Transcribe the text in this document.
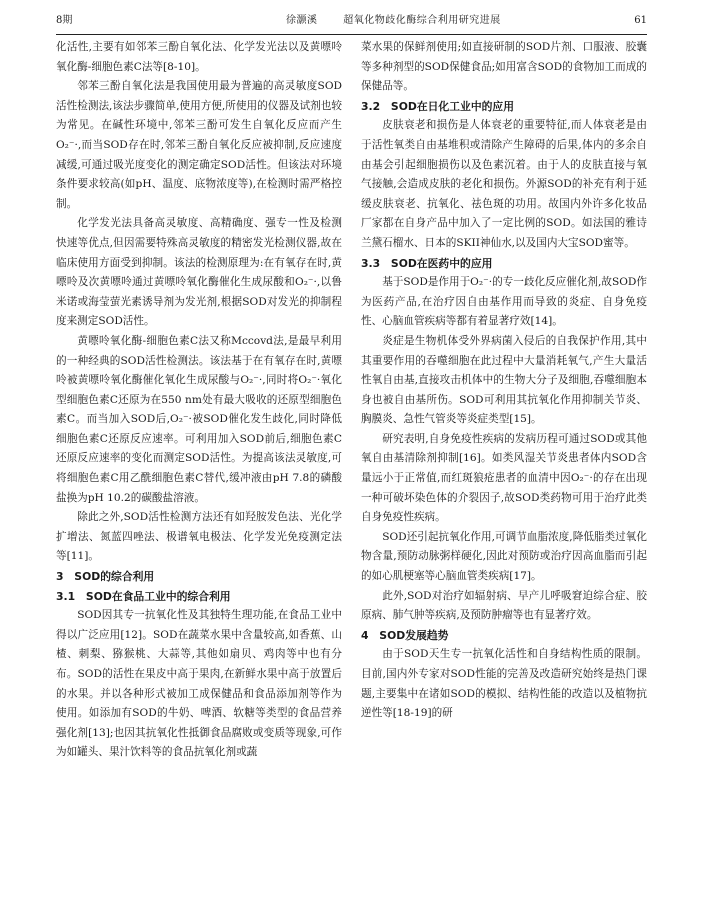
8期	徐灏溪	超氧化物歧化酶综合利用研究进展	61

化活性,主要有如邻苯三酚自氧化法、化学发光法以及黄嘌呤氧化酶-细胞色素C法等[8-10]。

邻苯三酚自氧化法是我国使用最为普遍的高灵敏度SOD活性检测法,该法步骤简单,使用方便,所使用的仪器及试剂也较为常见。在碱性环境中,邻苯三酚可发生自氧化反应而产生O₂⁻·,而当SOD存在时,邻苯三酚自氧化反应被抑制,反应速度减缓,可通过吸光度变化的测定确定SOD活性。但该法对环境条件要求较高(如pH、温度、底物浓度等),在检测时需严格控制。

化学发光法具备高灵敏度、高精确度、强专一性及检测快速等优点,但因需要特殊高灵敏度的精密发光检测仪器,故在临床使用方面受到抑制。该法的检测原理为:在有氧存在时,黄嘌呤及次黄嘌呤通过黄嘌呤氧化酶催化生成尿酸和O₂⁻·,以鲁米诺或海莹萤光素诱导剂为发光剂,根据SOD对发光的抑制程度来测定SOD活性。

黄嘌呤氧化酶-细胞色素C法又称Mccovd法,是最早利用的一种经典的SOD活性检测法。该法基于在有氧存在时,黄嘌呤被黄嘌呤氧化酶催化氧化生成尿酸与O₂⁻·,同时将O₂⁻·氧化型细胞色素C还原为在550 nm处有最大吸收的还原型细胞色素C。而当加入SOD后,O₂⁻·被SOD催化发生歧化,同时降低细胞色素C还原反应速率。可利用加入SOD前后,细胞色素C还原反应速率的变化而测定SOD活性。为提高该法灵敏度,可将细胞色素C用乙酰细胞色素C替代,缓冲液由pH 7.8的磷酸盐换为pH 10.2的碳酸盐溶液。

除此之外,SOD活性检测方法还有如羟胺发色法、光化学扩增法、氮蓝四唑法、极谱氧电极法、化学发光免疫测定法等[11]。

3　SOD的综合利用
3.1　SOD在食品工业中的综合利用

SOD因其专一抗氧化性及其独特生理功能,在食品工业中得以广泛应用[12]。SOD在蔬菜水果中含量较高,如香蕉、山楂、刺梨、猕猴桃、大蒜等,其他如扇贝、鸡肉等中也有分布。SOD的活性在果皮中高于果肉,在新鲜水果中高于放置后的水果。并以各种形式被加工成保健品和食品添加剂等作为使用。如添加有SOD的牛奶、啤酒、软糖等类型的食品营养强化剂[13];也因其抗氧化性抵御食品腐败或变质等现象,可作为如罐头、果汁饮料等的食品抗氧化剂或蔬

菜水果的保鲜剂使用;如直接研制的SOD片剂、口服液、胶囊等多种剂型的SOD保健食品;如用富含SOD的食物加工而成的保健品等。

3.2　SOD在日化工业中的应用

皮肤衰老和损伤是人体衰老的重要特征,而人体衰老是由于活性氧类自由基堆积或清除产生障碍的后果,体内的多余自由基会引起细胞损伤以及色素沉着。由于人的皮肤直接与氧气接触,会造成皮肤的老化和损伤。外源SOD的补充有利于延缓皮肤衰老、抗氧化、祛色斑的功用。故国内外许多化妆品厂家都在自身产品中加入了一定比例的SOD。如法国的雅诗兰黛石榴水、日本的SKII神仙水,以及国内大宝SOD蜜等。

3.3　SOD在医药中的应用

基于SOD是作用于O₂⁻·的专一歧化反应催化剂,故SOD作为医药产品,在治疗因自由基作用而导致的炎症、自身免疫性、心脑血管疾病等都有着显著疗效[14]。

炎症是生物机体受外界病菌入侵后的自我保护作用,其中其重要作用的吞噬细胞在此过程中大量消耗氧气,产生大量活性氧自由基,直接攻击机体中的生物大分子及细胞,吞噬细胞本身也被自由基所伤。SOD可利用其抗氧化作用抑制关节炎、胸膜炎、急性气管炎等炎症类型[15]。

研究表明,自身免疫性疾病的发病历程可通过SOD或其他氧自由基清除剂抑制[16]。如类风湿关节炎患者体内SOD含量远小于正常值,而红斑狼疮患者的血清中因O₂⁻·的存在出现一种可破坏染色体的介裂因子,故SOD类药物可用于治疗此类自身免疫性疾病。

SOD还引起抗氧化作用,可调节血脂浓度,降低脂类过氧化物含量,预防动脉粥样硬化,因此对预防或治疗因高血脂而引起的如心肌梗塞等心脑血管类疾病[17]。

此外,SOD对治疗如辐射病、早产儿呼吸窘迫综合症、胶原病、肺气肿等疾病,及预防肿瘤等也有显著疗效。

4　SOD发展趋势

由于SOD天生专一抗氧化活性和自身结构性质的限制。目前,国内外专家对SOD性能的完善及改造研究始终是热门课题,主要集中在诸如SOD的模拟、结构性能的改造以及植物抗逆性等[18-19]的研
